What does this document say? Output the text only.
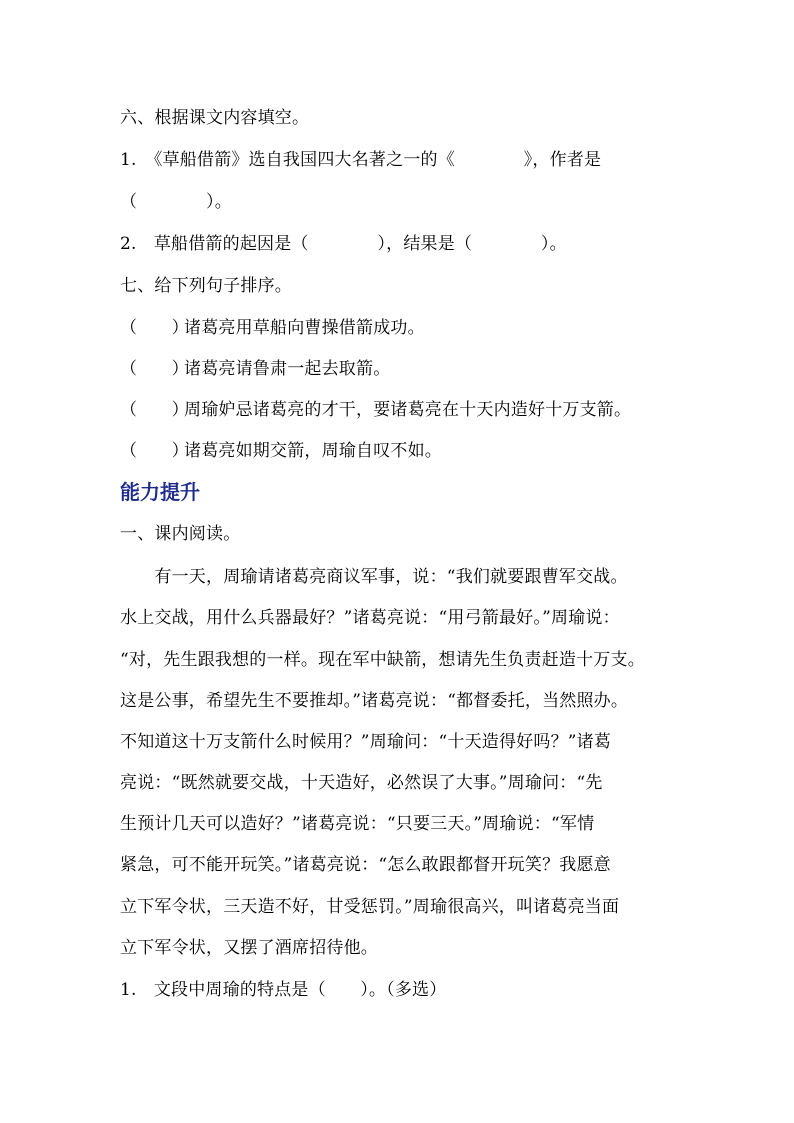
六、根据课文内容填空。
1.　《草船借箭》选自我国四大名著之一的《　　　　》，作者是
（　　　　）。
2.　草船借箭的起因是（　　　　），结果是（　　　　）。
七、给下列句子排序。
（　　）诸葛亮用草船向曹操借箭成功。
（　　）诸葛亮请鲁肃一起去取箭。
（　　）周瑜妒忌诸葛亮的才干，要诸葛亮在十天内造好十万支箭。
（　　）诸葛亮如期交箭，周瑜自叹不如。
能力提升
一、课内阅读。
　　有一天，周瑜请诸葛亮商议军事，说：“我们就要跟曹军交战。
水上交战，用什么兵器最好？”诸葛亮说：“用弓箭最好。”周瑜说：
“对，先生跟我想的一样。现在军中缺箭，想请先生负责赶造十万支。
这是公事，希望先生不要推却。”诸葛亮说：“都督委托，当然照办。
不知道这十万支箭什么时候用？”周瑜问：“十天造得好吗？”诸葛
亮说：“既然就要交战，十天造好，必然误了大事。”周瑜问：“先
生预计几天可以造好？”诸葛亮说：“只要三天。”周瑜说：“军情
紧急，可不能开玩笑。”诸葛亮说：“怎么敢跟都督开玩笑？我愿意
立下军令状，三天造不好，甘受惩罚。”周瑜很高兴，叫诸葛亮当面
立下军令状，又摆了酒席招待他。
1.　文段中周瑜的特点是（　　）。（多选）
